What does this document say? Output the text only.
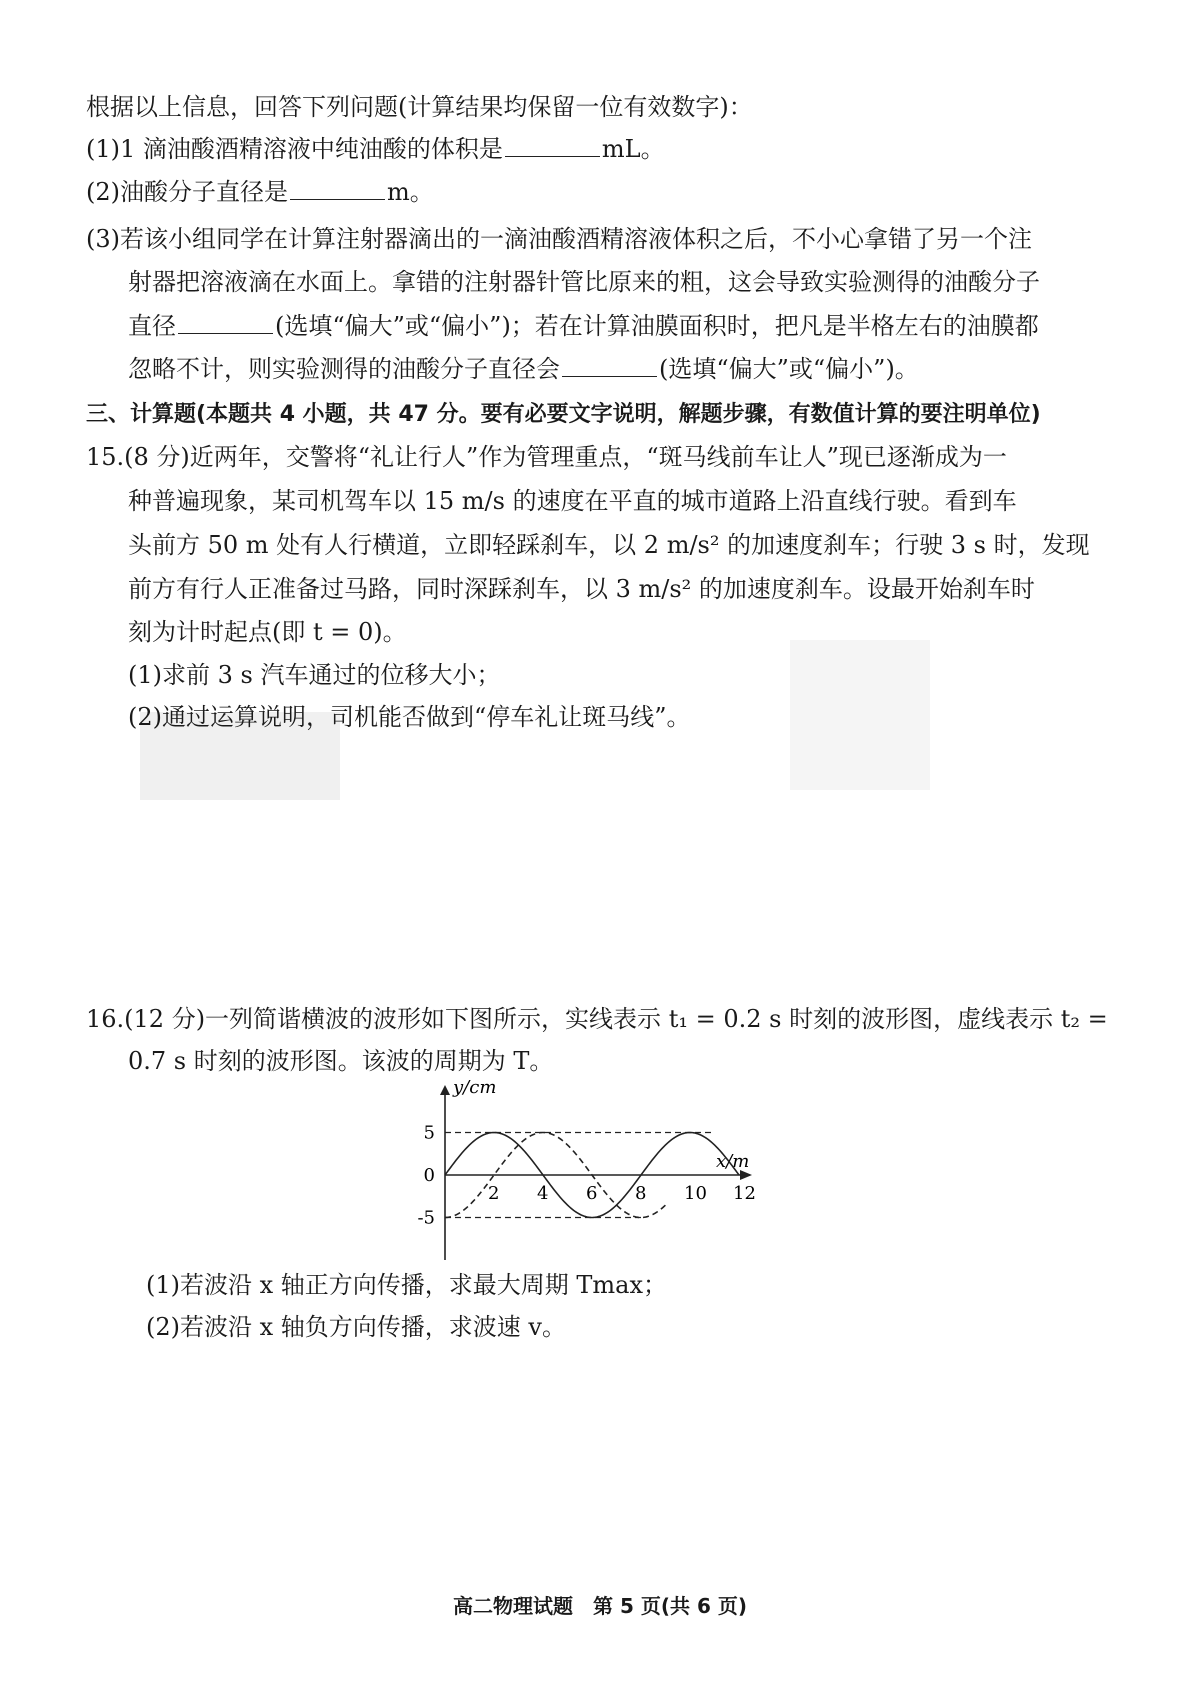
根据以上信息，回答下列问题(计算结果均保留一位有效数字)：
(1)1 滴油酸酒精溶液中纯油酸的体积是	mL。
(2)油酸分子直径是	m。
(3)若该小组同学在计算注射器滴出的一滴油酸酒精溶液体积之后，不小心拿错了另一个注
射器把溶液滴在水面上。拿错的注射器针管比原来的粗，这会导致实验测得的油酸分子
直径	(选填“偏大”或“偏小”)；若在计算油膜面积时，把凡是半格左右的油膜都
忽略不计，则实验测得的油酸分子直径会	(选填“偏大”或“偏小”)。
三、计算题(本题共 4 小题，共 47 分。要有必要文字说明，解题步骤，有数值计算的要注明单位)
15.(8 分)近两年，交警将“礼让行人”作为管理重点，“斑马线前车让人”现已逐渐成为一
种普遍现象，某司机驾车以 15 m/s 的速度在平直的城市道路上沿直线行驶。看到车
头前方 50 m 处有人行横道，立即轻踩刹车，以 2 m/s² 的加速度刹车；行驶 3 s 时，发现
前方有行人正准备过马路，同时深踩刹车，以 3 m/s² 的加速度刹车。设最开始刹车时
刻为计时起点(即 t = 0)。
(1)求前 3 s 汽车通过的位移大小；
(2)通过运算说明，司机能否做到“停车礼让斑马线”。
16.(12 分)一列简谐横波的波形如下图所示，实线表示 t₁ = 0.2 s 时刻的波形图，虚线表示 t₂ =
0.7 s 时刻的波形图。该波的周期为 T。
y/cm
x/m
2 4 6 8 10 12
5
0
-5
(1)若波沿 x 轴正方向传播，求最大周期 Tmax；
(2)若波沿 x 轴负方向传播，求波速 v。
高二物理试题　第 5 页(共 6 页)
